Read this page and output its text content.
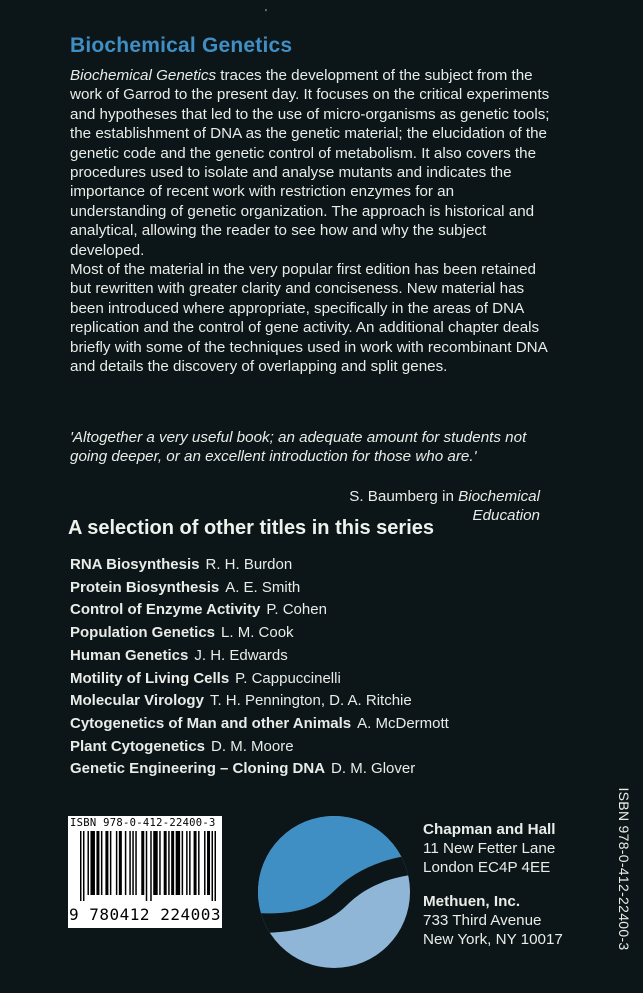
'
Biochemical Genetics

Biochemical Genetics traces the development of the subject from the work of Garrod to the present day. It focuses on the critical experiments and hypotheses that led to the use of micro-organisms as genetic tools; the establishment of DNA as the genetic material; the elucidation of the genetic code and the genetic control of metabolism. It also covers the procedures used to isolate and analyse mutants and indicates the importance of recent work with restriction enzymes for an understanding of genetic organization. The approach is historical and analytical, allowing the reader to see how and why the subject developed.

Most of the material in the very popular first edition has been retained but rewritten with greater clarity and conciseness. New material has been introduced where appropriate, specifically in the areas of DNA replication and the control of gene activity. An additional chapter deals briefly with some of the techniques used in work with recombinant DNA and details the discovery of overlapping and split genes.

'Altogether a very useful book; an adequate amount for students not going deeper, or an excellent introduction for those who are.'
S. Baumberg in Biochemical Education
A selection of other titles in this series
RNA Biosynthesis R. H. Burdon
Protein Biosynthesis A. E. Smith
Control of Enzyme Activity P. Cohen
Population Genetics L. M. Cook
Human Genetics J. H. Edwards
Motility of Living Cells P. Cappuccinelli
Molecular Virology T. H. Pennington, D. A. Ritchie
Cytogenetics of Man and other Animals A. McDermott
Plant Cytogenetics D. M. Moore
Genetic Engineering – Cloning DNA D. M. Glover
ISBN 978-0-412-22400-3
9 780412 224003
Chapman and Hall
11 New Fetter Lane
London EC4P 4EE
Methuen, Inc.
733 Third Avenue
New York, NY 10017	ISBN 978-0-412-22400-3
